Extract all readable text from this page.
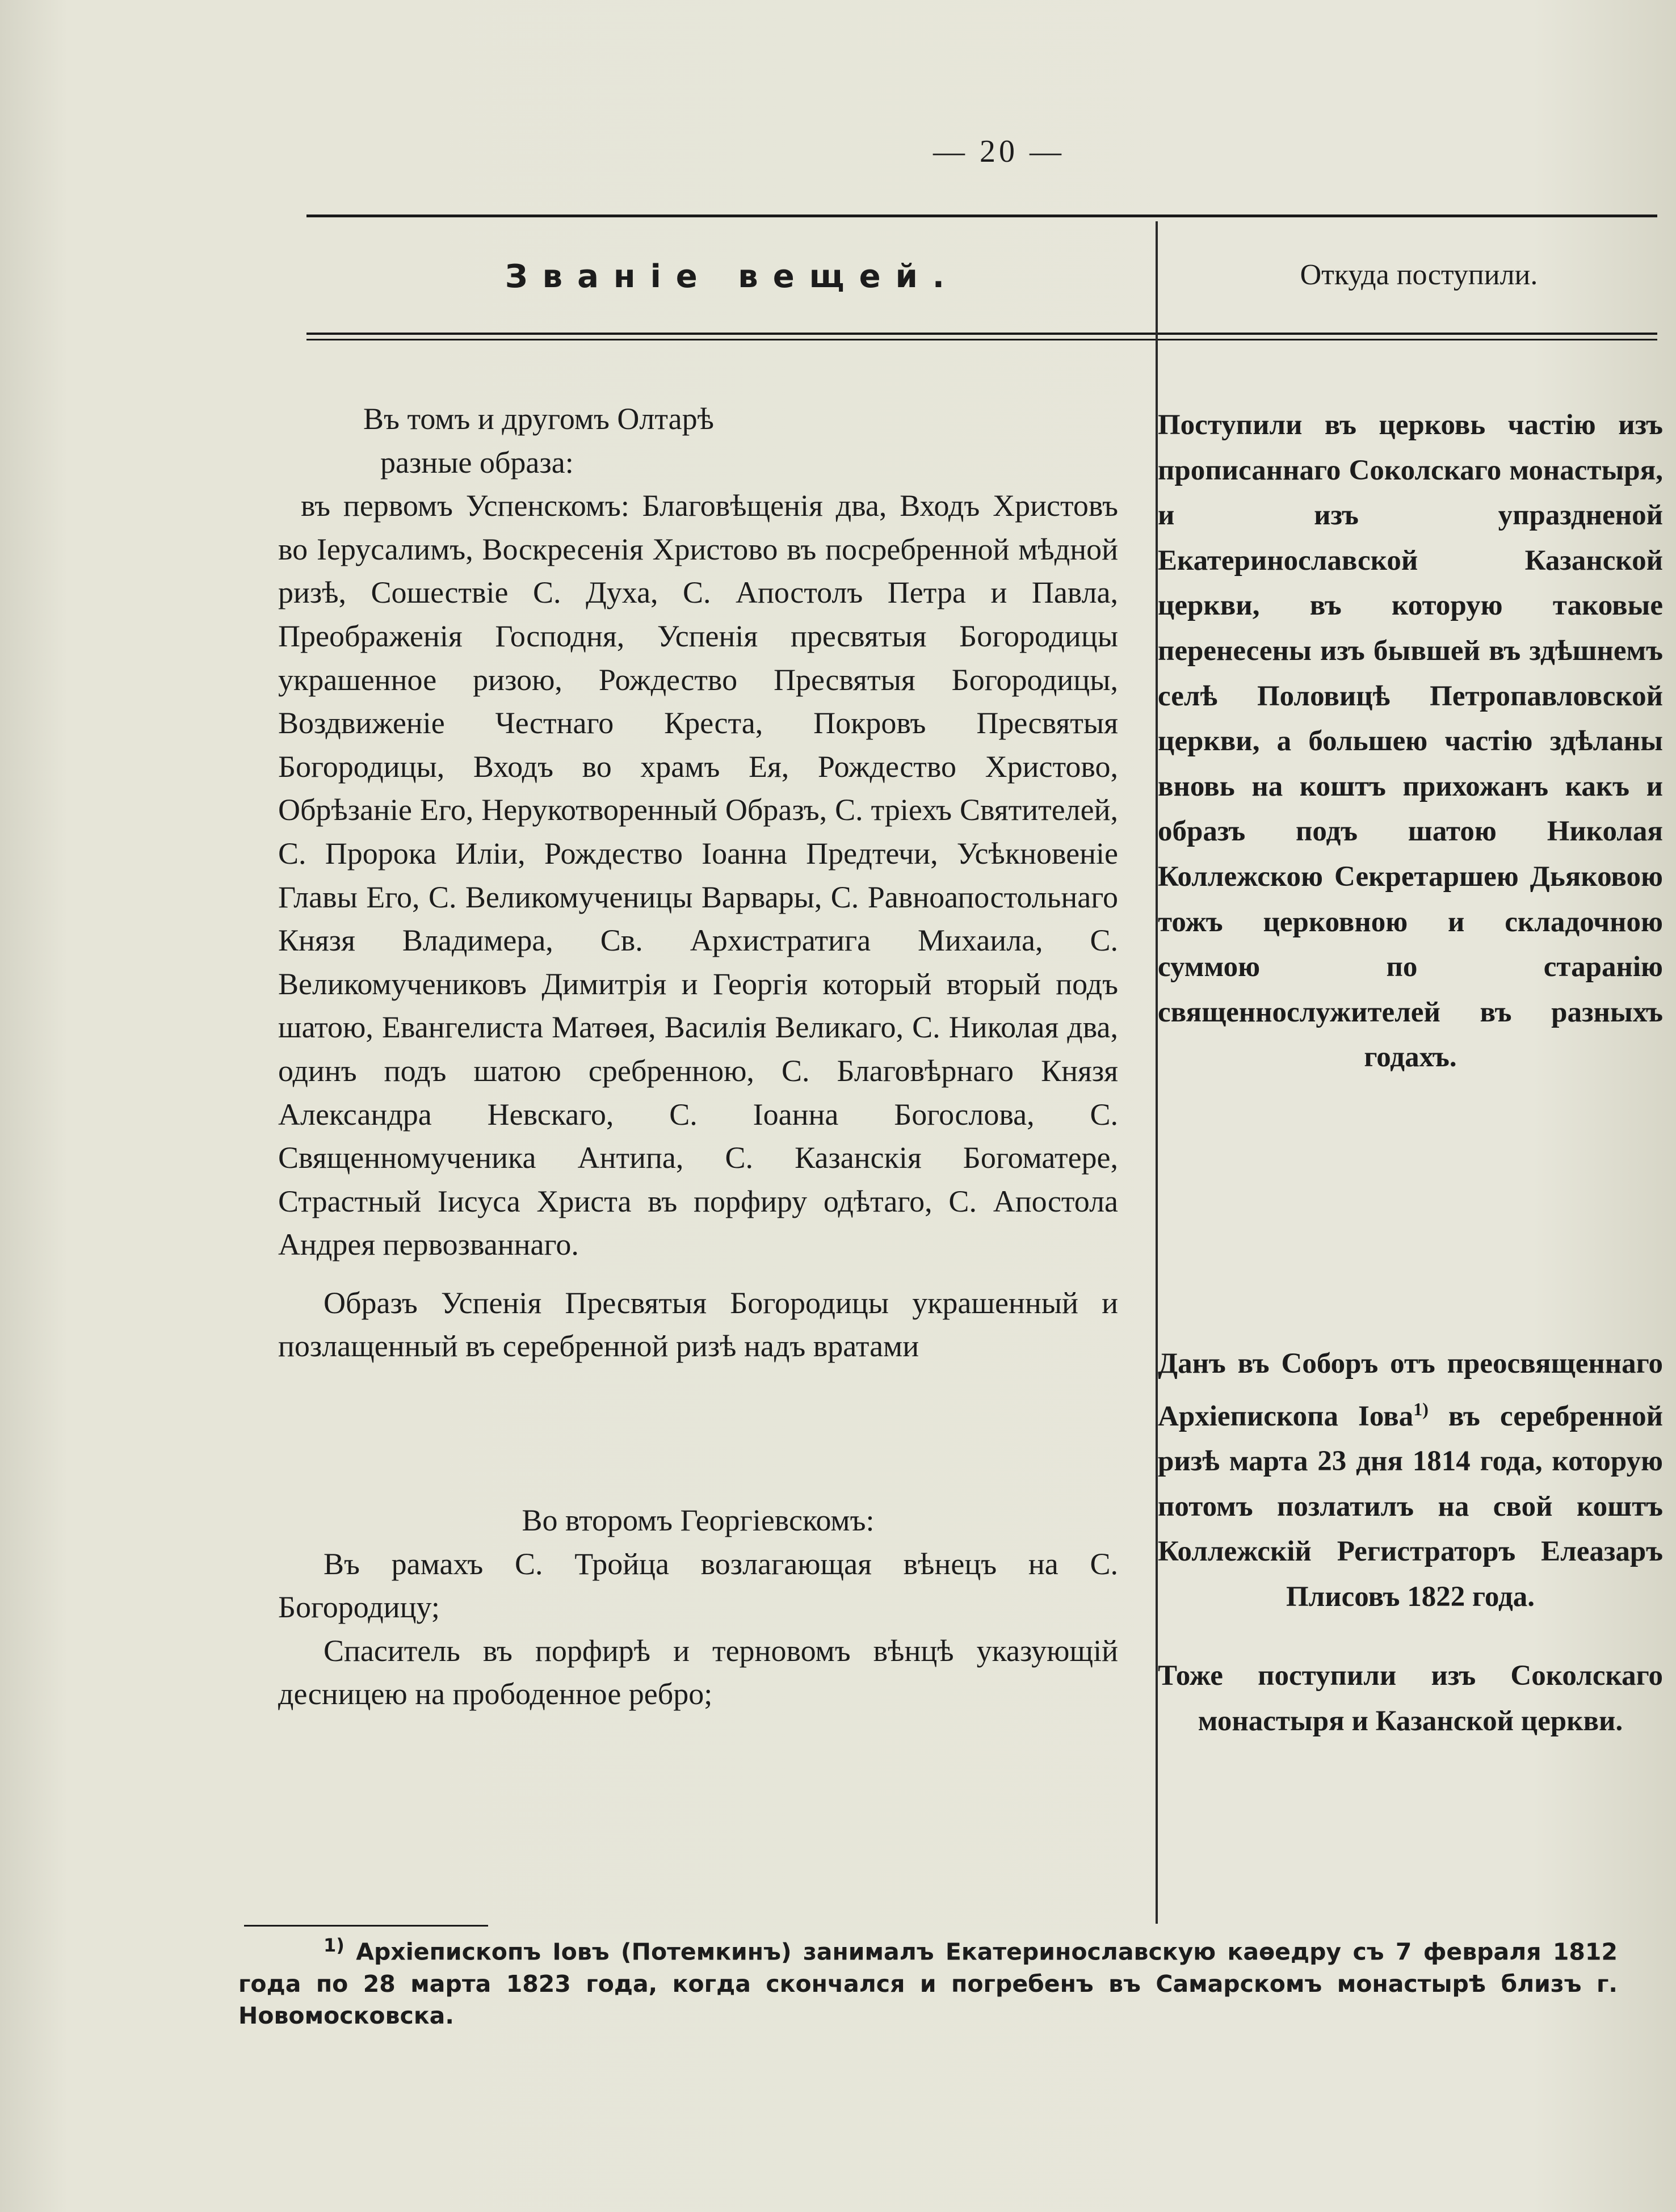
— 20 —
Званіе вещей.	Откуда поступили.

Въ томъ и другомъ Олтарѣ

разные образа:

въ первомъ Успенскомъ: Благовѣщенія два, Входъ Христовъ во Іерусалимъ, Воскресенія Христово въ посребренной мѣдной ризѣ, Сошествіе С. Духа, С. Апостолъ Петра и Павла, Преображенія Господня, Успенія пресвятыя Богородицы украшенное ризою, Рождество Пресвятыя Богородицы, Воздвиженіе Честнаго Креста, Покровъ Пресвятыя Богородицы, Входъ во храмъ Ея, Рождество Христово, Обрѣзаніе Его, Нерукотворенный Образъ, С. тріехъ Святителей, С. Пророка Иліи, Рождество Іоанна Предтечи, Усѣкновеніе Главы Его, С. Великомученицы Варвары, С. Равноапостольнаго Князя Владимера, Св. Архистратига Михаила, С. Великомучениковъ Димитрія и Георгія который вторый подъ шатою, Евангелиста Матѳея, Василія Великаго, С. Николая два, одинъ подъ шатою сребренною, С. Благовѣрнаго Князя Александра Невскаго, С. Іоанна Богослова, С. Священномученика Антипа, С. Казанскія Богоматере, Страстный Іисуса Христа въ порфиру одѣтаго, С. Апостола Андрея первозваннаго.

Образъ Успенія Пресвятыя Богородицы украшенный и позлащенный въ серебренной ризѣ надъ вратами

Во второмъ Георгіевскомъ:

Въ рамахъ С. Тройца возлагающая вѣнецъ на С. Богородицу;

Спаситель въ порфирѣ и терновомъ вѣнцѣ указующій десницею на прободенное ребро;

Поступили въ церковь частію изъ прописаннаго Соколскаго монастыря, и изъ упраздненой Екатеринославской Казанской церкви, въ которую таковые перенесены изъ бывшей въ здѣшнемъ селѣ Половицѣ Петропавловской церкви, а большею частію здѣланы вновь на коштъ прихожанъ какъ и образъ подъ шатою Николая Коллежскою Секретаршею Дьяковою тожъ церковною и складочною суммою по старанію священнослужителей въ разныхъ годахъ.

Данъ въ Соборъ отъ преосвященнаго Архіепископа Іова$^{1)}$ въ серебренной ризѣ марта 23 дня 1814 года, которую потомъ позлатилъ на свой коштъ Коллежскій Регистраторъ Елеазаръ Плисовъ 1822 года.

Тоже поступили изъ Соколскаго монастыря и Казанской церкви.

$^{1)}$ Архіепископъ Іовъ (Потемкинъ) занималъ Екатеринославскую каѳедру съ 7 февраля 1812 года по 28 марта 1823 года, когда скончался и погребенъ въ Самарскомъ монастырѣ близъ г. Новомосковска.
